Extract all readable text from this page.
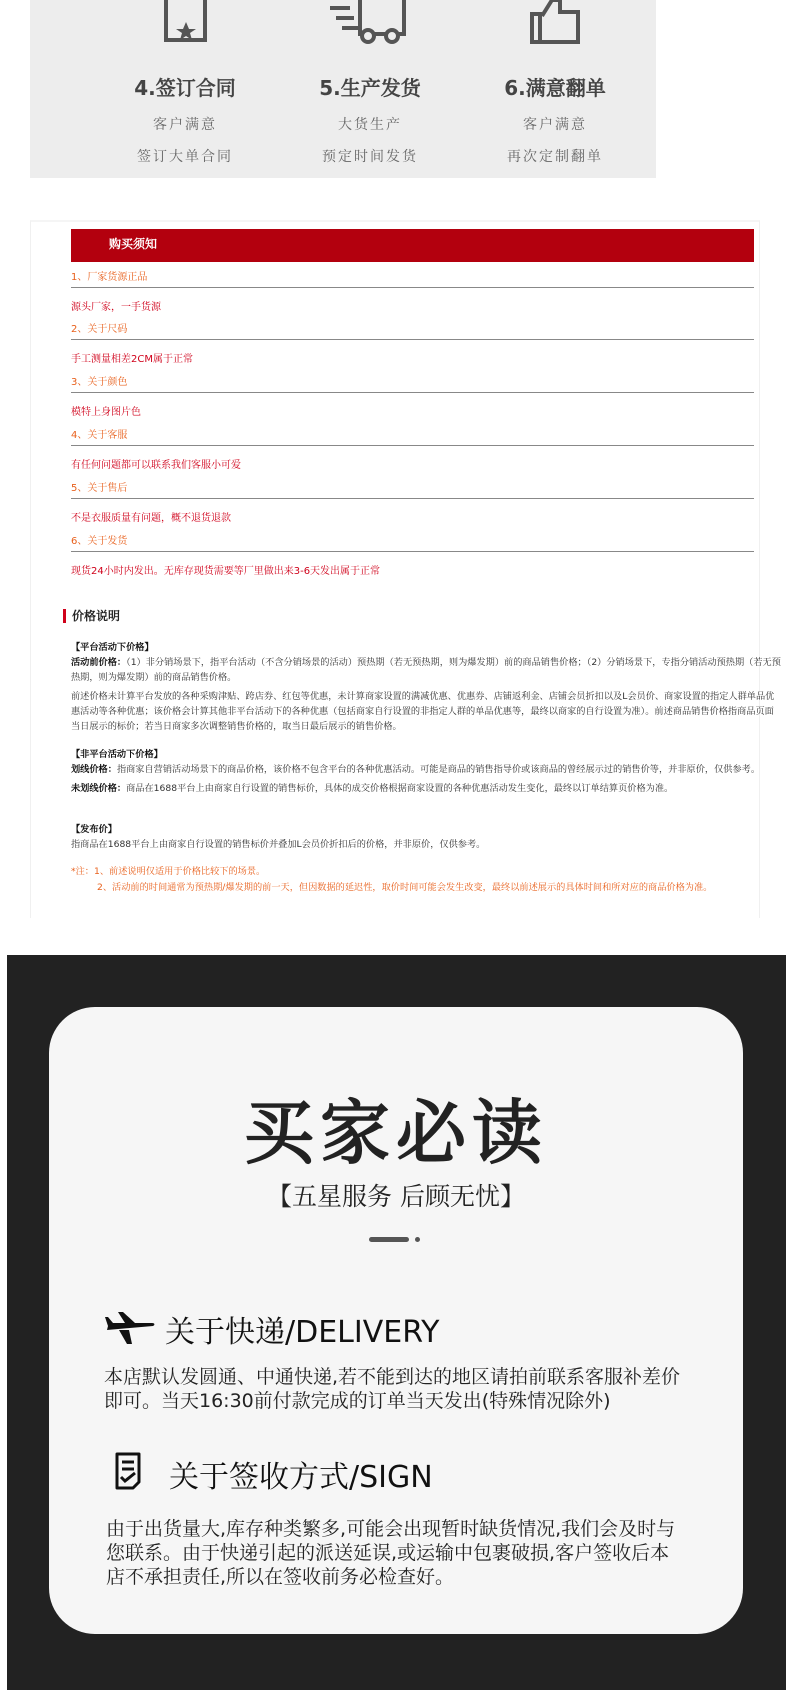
4.签订合同
客户满意
签订大单合同
5.生产发货
大货生产
预定时间发货
6.满意翻单
客户满意
再次定制翻单
购买须知
1、厂家货源正品
源头厂家，一手货源
2、关于尺码
手工测量相差2CM属于正常
3、关于颜色
模特上身图片色
4、关于客服
有任何问题都可以联系我们客服小可爱
5、关于售后
不是衣服质量有问题，概不退货退款
6、关于发货
现货24小时内发出。无库存现货需要等厂里做出来3-6天发出属于正常
价格说明
【平台活动下价格】
活动前价格：（1）非分销场景下，指平台活动（不含分销场景的活动）预热期（若无预热期，则为爆发期）前的商品销售价格；（2）分销场景下，专指分销活动预热期（若无预热期，则为爆发期）前的商品销售价格。
前述价格未计算平台发放的各种采购津贴、跨店券、红包等优惠，未计算商家设置的满减优惠、优惠券、店铺返利金、店铺会员折扣以及L会员价、商家设置的指定人群单品优惠活动等各种优惠；该价格会计算其他非平台活动下的各种优惠（包括商家自行设置的非指定人群的单品优惠等，最终以商家的自行设置为准）。前述商品销售价格指商品页面当日展示的标价；若当日商家多次调整销售价格的，取当日最后展示的销售价格。
【非平台活动下价格】
划线价格：指商家自营销活动场景下的商品价格，该价格不包含平台的各种优惠活动。可能是商品的销售指导价或该商品的曾经展示过的销售价等，并非原价，仅供参考。
未划线价格：商品在1688平台上由商家自行设置的销售标价，具体的成交价格根据商家设置的各种优惠活动发生变化，最终以订单结算页价格为准。
【发布价】
指商品在1688平台上由商家自行设置的销售标价并叠加L会员价折扣后的价格，并非原价，仅供参考。
*注：1、前述说明仅适用于价格比较下的场景。
2、活动前的时间通常为预热期/爆发期的前一天，但因数据的延迟性，取价时间可能会发生改变，最终以前述展示的具体时间和所对应的商品价格为准。
买家必读
【五星服务 后顾无忧】
关于快递/DELIVERY
本店默认发圆通、中通快递,若不能到达的地区请拍前联系客服补差价即可。当天16:30前付款完成的订单当天发出(特殊情况除外)
关于签收方式/SIGN
由于出货量大,库存种类繁多,可能会出现暂时缺货情况,我们会及时与您联系。由于快递引起的派送延误,或运输中包裹破损,客户签收后本店不承担责任,所以在签收前务必检查好。
